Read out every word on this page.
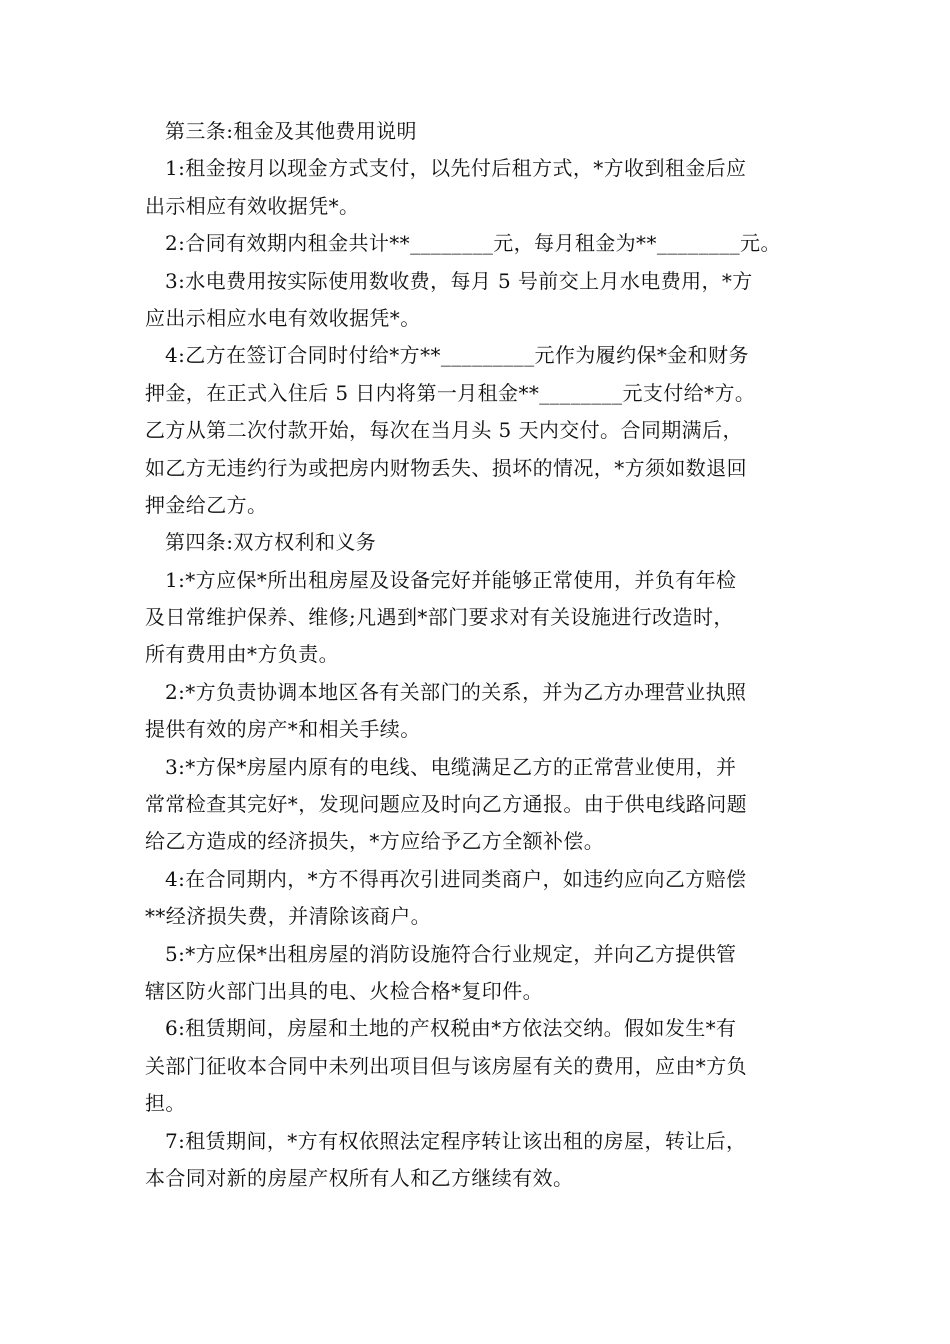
第三条:租金及其他费用说明
1:租金按月以现金方式支付，以先付后租方式，*方收到租金后应
出示相应有效收据凭*。
2:合同有效期内租金共计**________元，每月租金为**________元。
3:水电费用按实际使用数收费，每月 5 号前交上月水电费用，*方
应出示相应水电有效收据凭*。
4:乙方在签订合同时付给*方**_________元作为履约保*金和财务
押金，在正式入住后 5 日内将第一月租金**________元支付给*方。
乙方从第二次付款开始，每次在当月头 5 天内交付。合同期满后，
如乙方无违约行为或把房内财物丢失、损坏的情况，*方须如数退回
押金给乙方。
第四条:双方权利和义务
1:*方应保*所出租房屋及设备完好并能够正常使用，并负有年检
及日常维护保养、维修;凡遇到*部门要求对有关设施进行改造时，
所有费用由*方负责。
2:*方负责协调本地区各有关部门的关系，并为乙方办理营业执照
提供有效的房产*和相关手续。
3:*方保*房屋内原有的电线、电缆满足乙方的正常营业使用，并
常常检查其完好*，发现问题应及时向乙方通报。由于供电线路问题
给乙方造成的经济损失，*方应给予乙方全额补偿。
4:在合同期内，*方不得再次引进同类商户，如违约应向乙方赔偿
**经济损失费，并清除该商户。
5:*方应保*出租房屋的消防设施符合行业规定，并向乙方提供管
辖区防火部门出具的电、火检合格*复印件。
6:租赁期间，房屋和土地的产权税由*方依法交纳。假如发生*有
关部门征收本合同中未列出项目但与该房屋有关的费用，应由*方负
担。
7:租赁期间，*方有权依照法定程序转让该出租的房屋，转让后，
本合同对新的房屋产权所有人和乙方继续有效。
